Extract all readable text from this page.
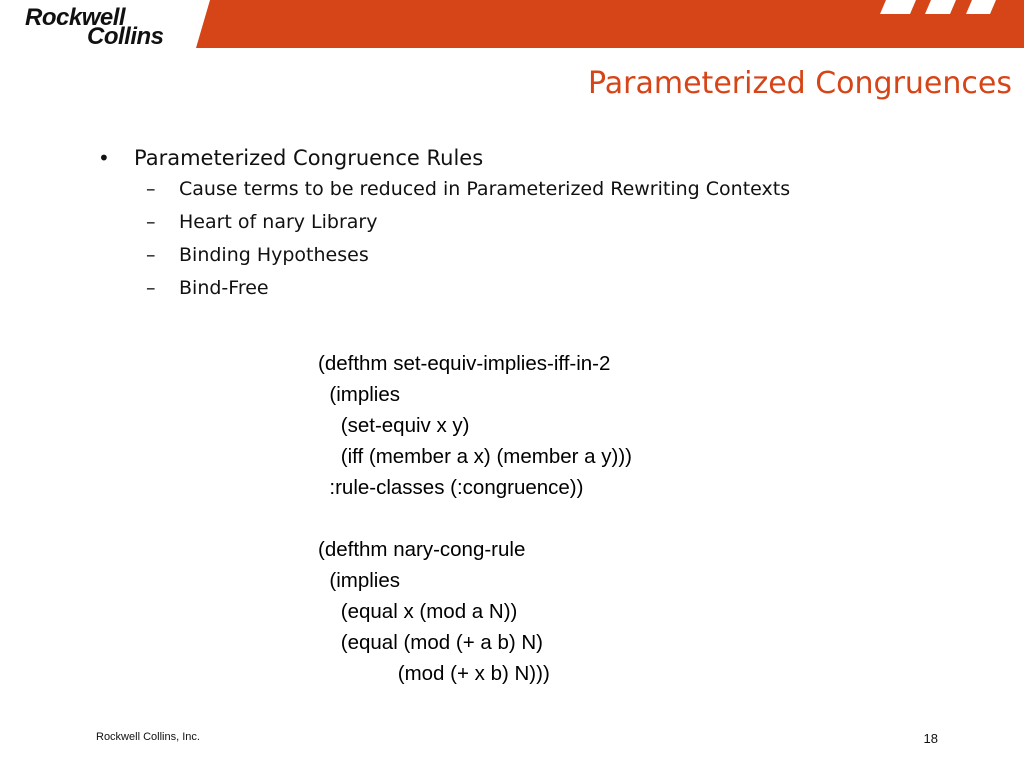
Rockwell
Collins
Parameterized Congruences
• Parameterized Congruence Rules
– Cause terms to be reduced in Parameterized Rewriting Contexts
– Heart of nary Library
– Binding Hypotheses
– Bind-Free
(defthm set-equiv-implies-iff-in-2
(implies
(set-equiv x y)
(iff (member a x) (member a y)))
:rule-classes (:congruence))
(defthm nary-cong-rule
(implies
(equal x (mod a N))
(equal (mod (+ a b) N)
(mod (+ x b) N)))
Rockwell Collins, Inc.	18
